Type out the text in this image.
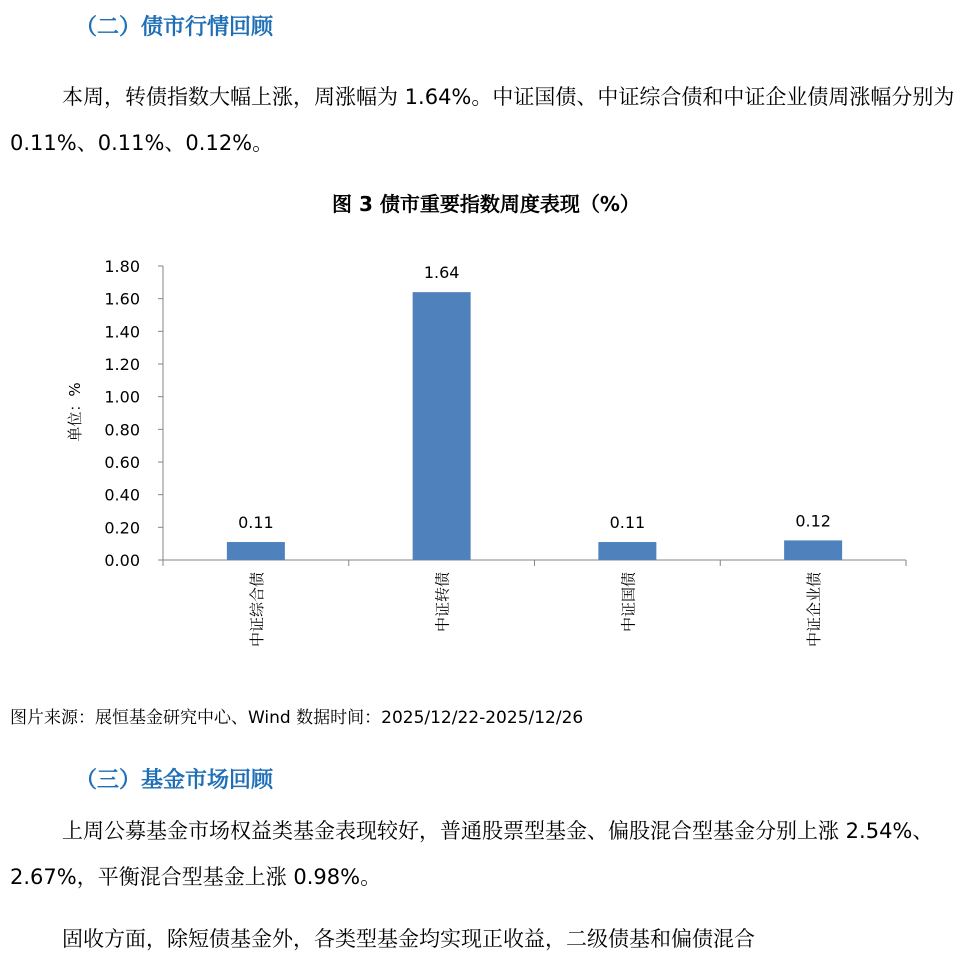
（二）债市行情回顾
本周，转债指数大幅上涨，周涨幅为 1.64%。中证国债、中证综合债和中证企业债周涨幅分别为 0.11%、0.11%、0.12%。
图 3 债市重要指数周度表现（%）
0.00
0.20
0.40
0.60
0.80
1.00
1.20
1.40
1.60
1.80
0.11
1.64
0.11	0.12
中证综合债	中证转债	中证国债	中证企业债
单位：%
图片来源：展恒基金研究中心、Wind 数据时间：2025/12/22-2025/12/26
（三）基金市场回顾
上周公募基金市场权益类基金表现较好，普通股票型基金、偏股混合型基金分别上涨 2.54%、2.67%，平衡混合型基金上涨 0.98%。
固收方面，除短债基金外，各类型基金均实现正收益，二级债基和偏债混合
